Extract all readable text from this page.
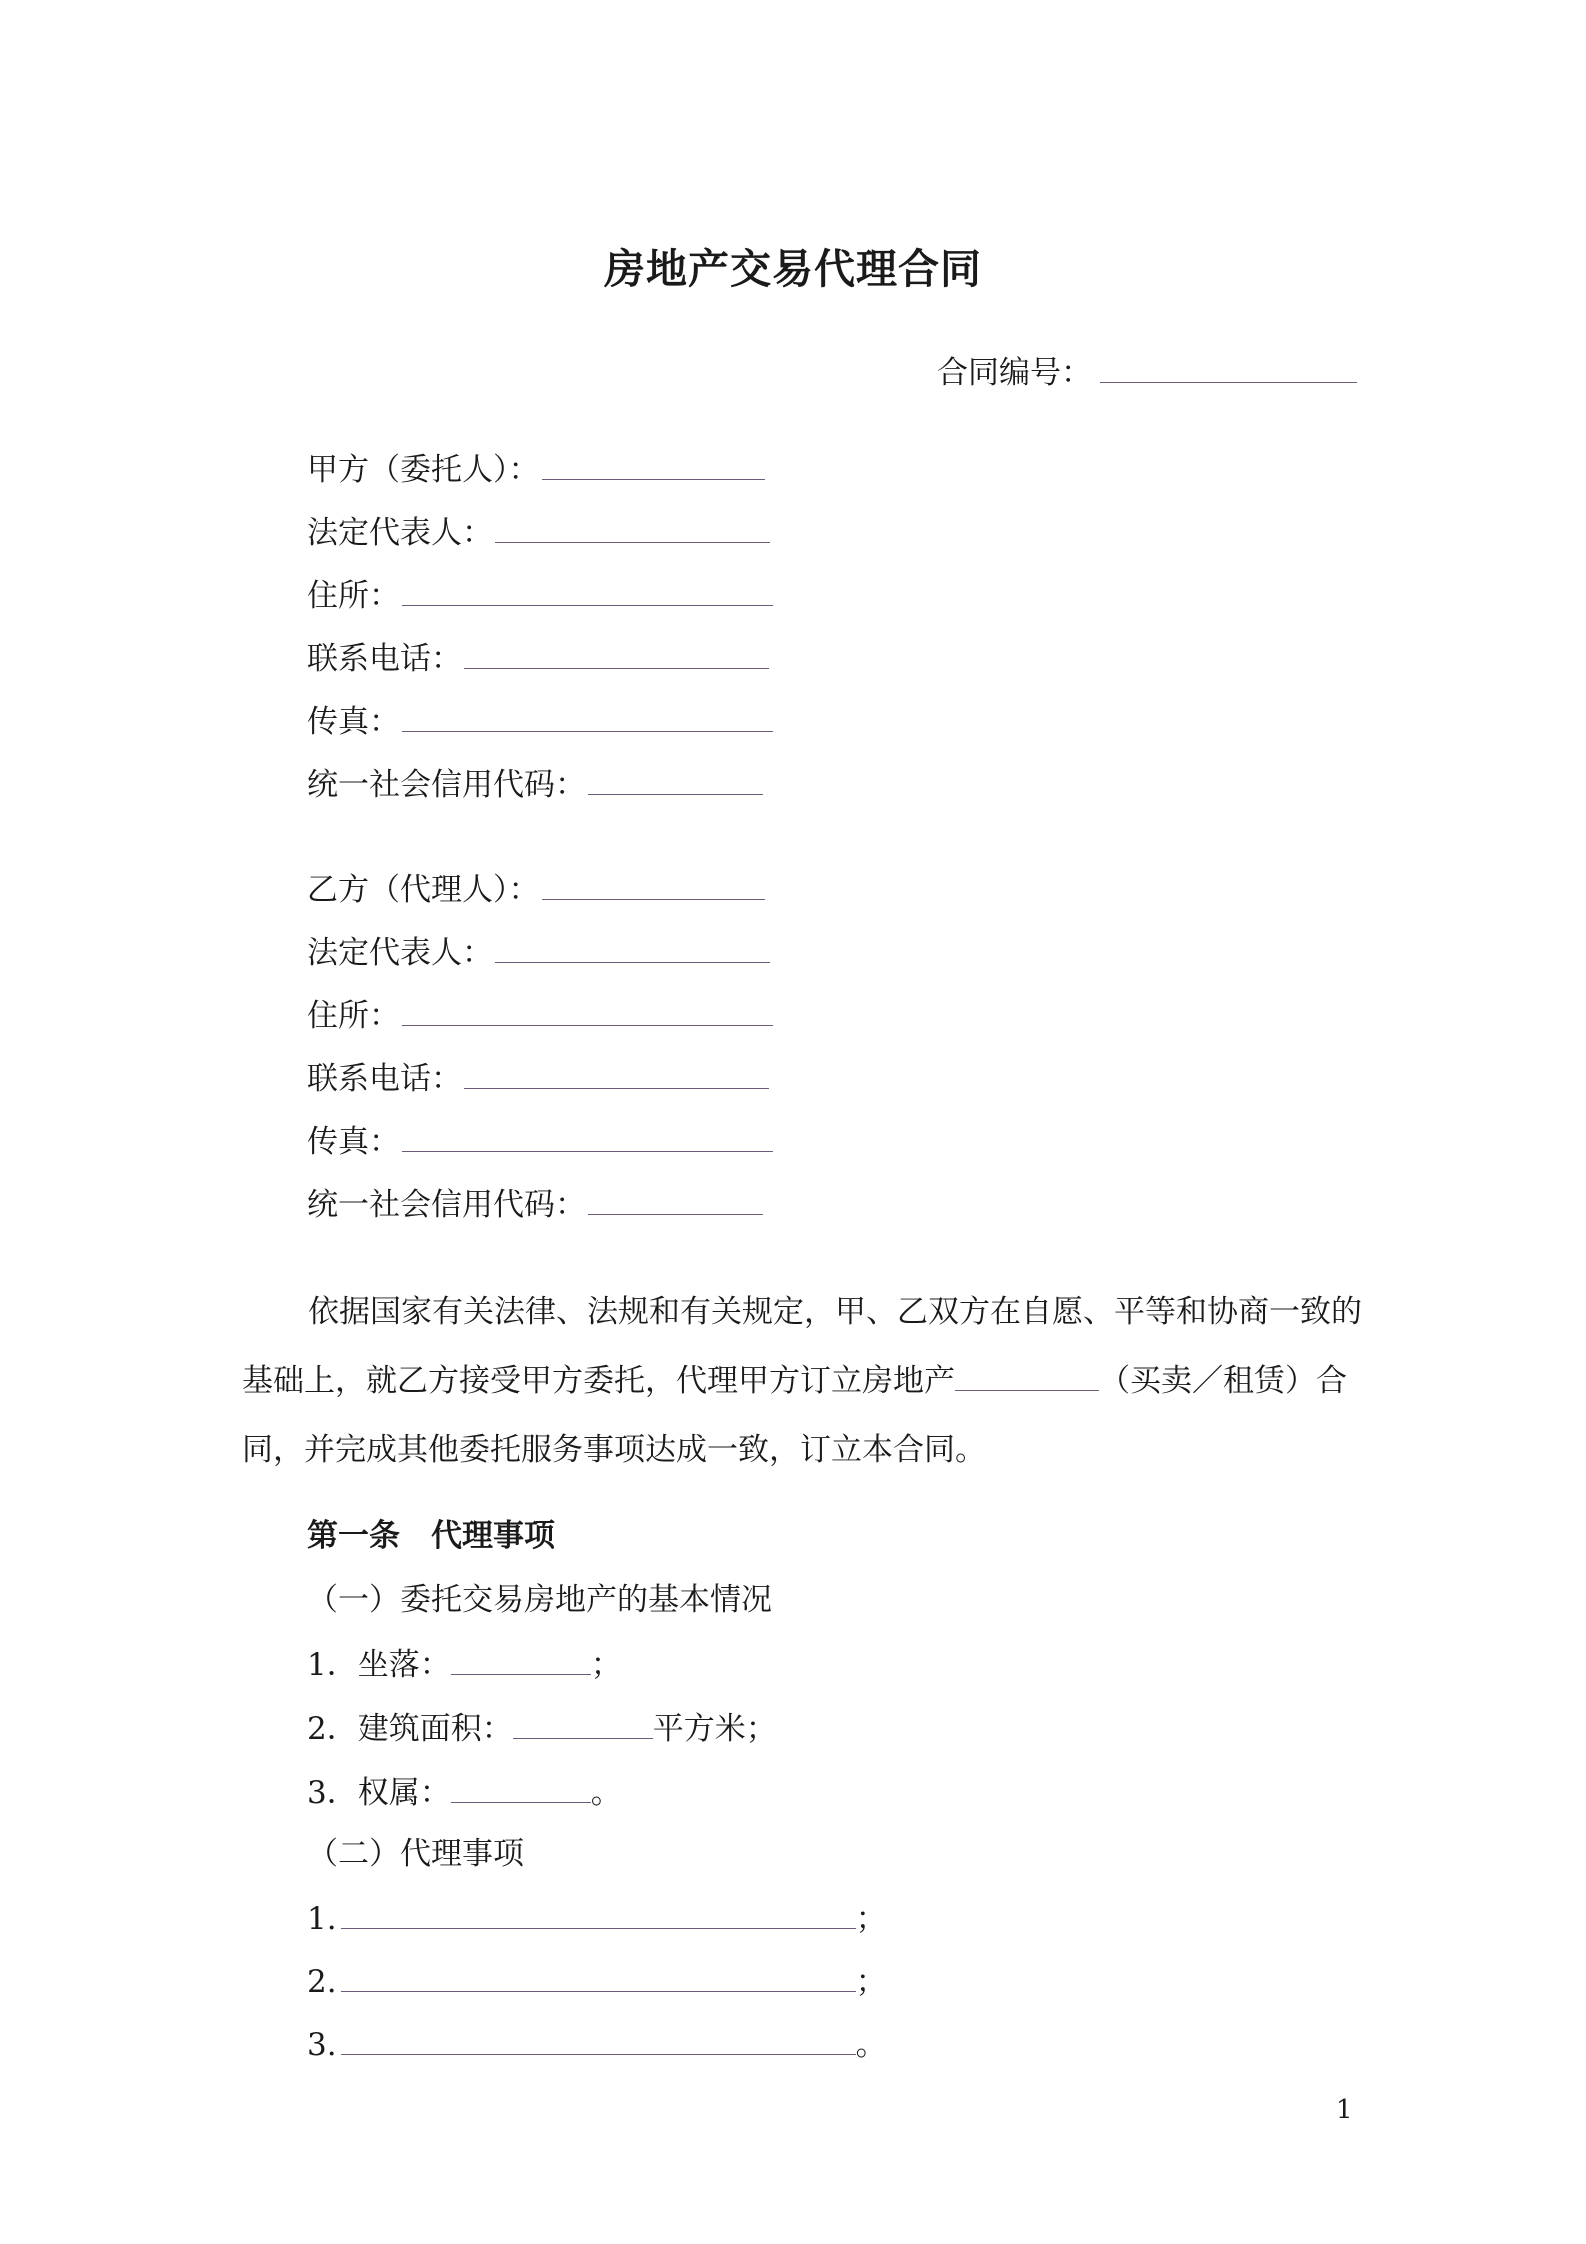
房地产交易代理合同
合同编号：
甲方（委托人）：
法定代表人：
住所：
联系电话：
传真：
统一社会信用代码：
乙方（代理人）：
法定代表人：
住所：
联系电话：
传真：
统一社会信用代码：
依据国家有关法律、法规和有关规定，甲、乙双方在自愿、平等和协商一致的基础上，就乙方接受甲方委托，代理甲方订立房地产	（买卖／租赁）合同，并完成其他委托服务事项达成一致，订立本合同。
第一条　代理事项
（一）委托交易房地产的基本情况
1．坐落：	；
2．建筑面积：	平方米；
3．权属：	。
（二）代理事项
1.	；
2.	；
3.	。
1
